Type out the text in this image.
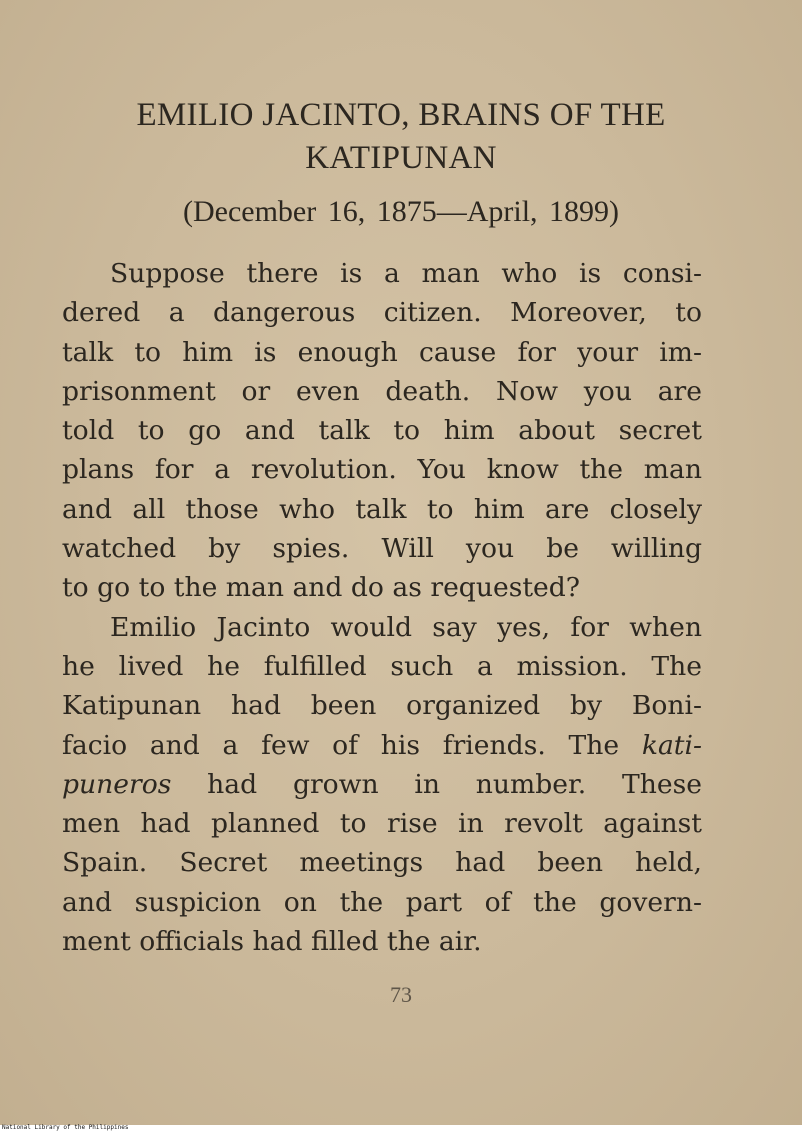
EMILIO JACINTO, BRAINS OF THE
KATIPUNAN

(December 16, 1875—April, 1899)

Suppose there is a man who is consi-
dered a dangerous citizen. Moreover, to
talk to him is enough cause for your im-
prisonment or even death. Now you are
told to go and talk to him about secret
plans for a revolution. You know the man
and all those who talk to him are closely
watched by spies. Will you be willing
to go to the man and do as requested?
Emilio Jacinto would say yes, for when
he lived he fulfilled such a mission. The
Katipunan had been organized by Boni-
facio and a few of his friends. The kati-
puneros had grown in number. These
men had planned to rise in revolt against
Spain. Secret meetings had been held,
and suspicion on the part of the govern-
ment officials had filled the air.

73

National Library of the Philippines
